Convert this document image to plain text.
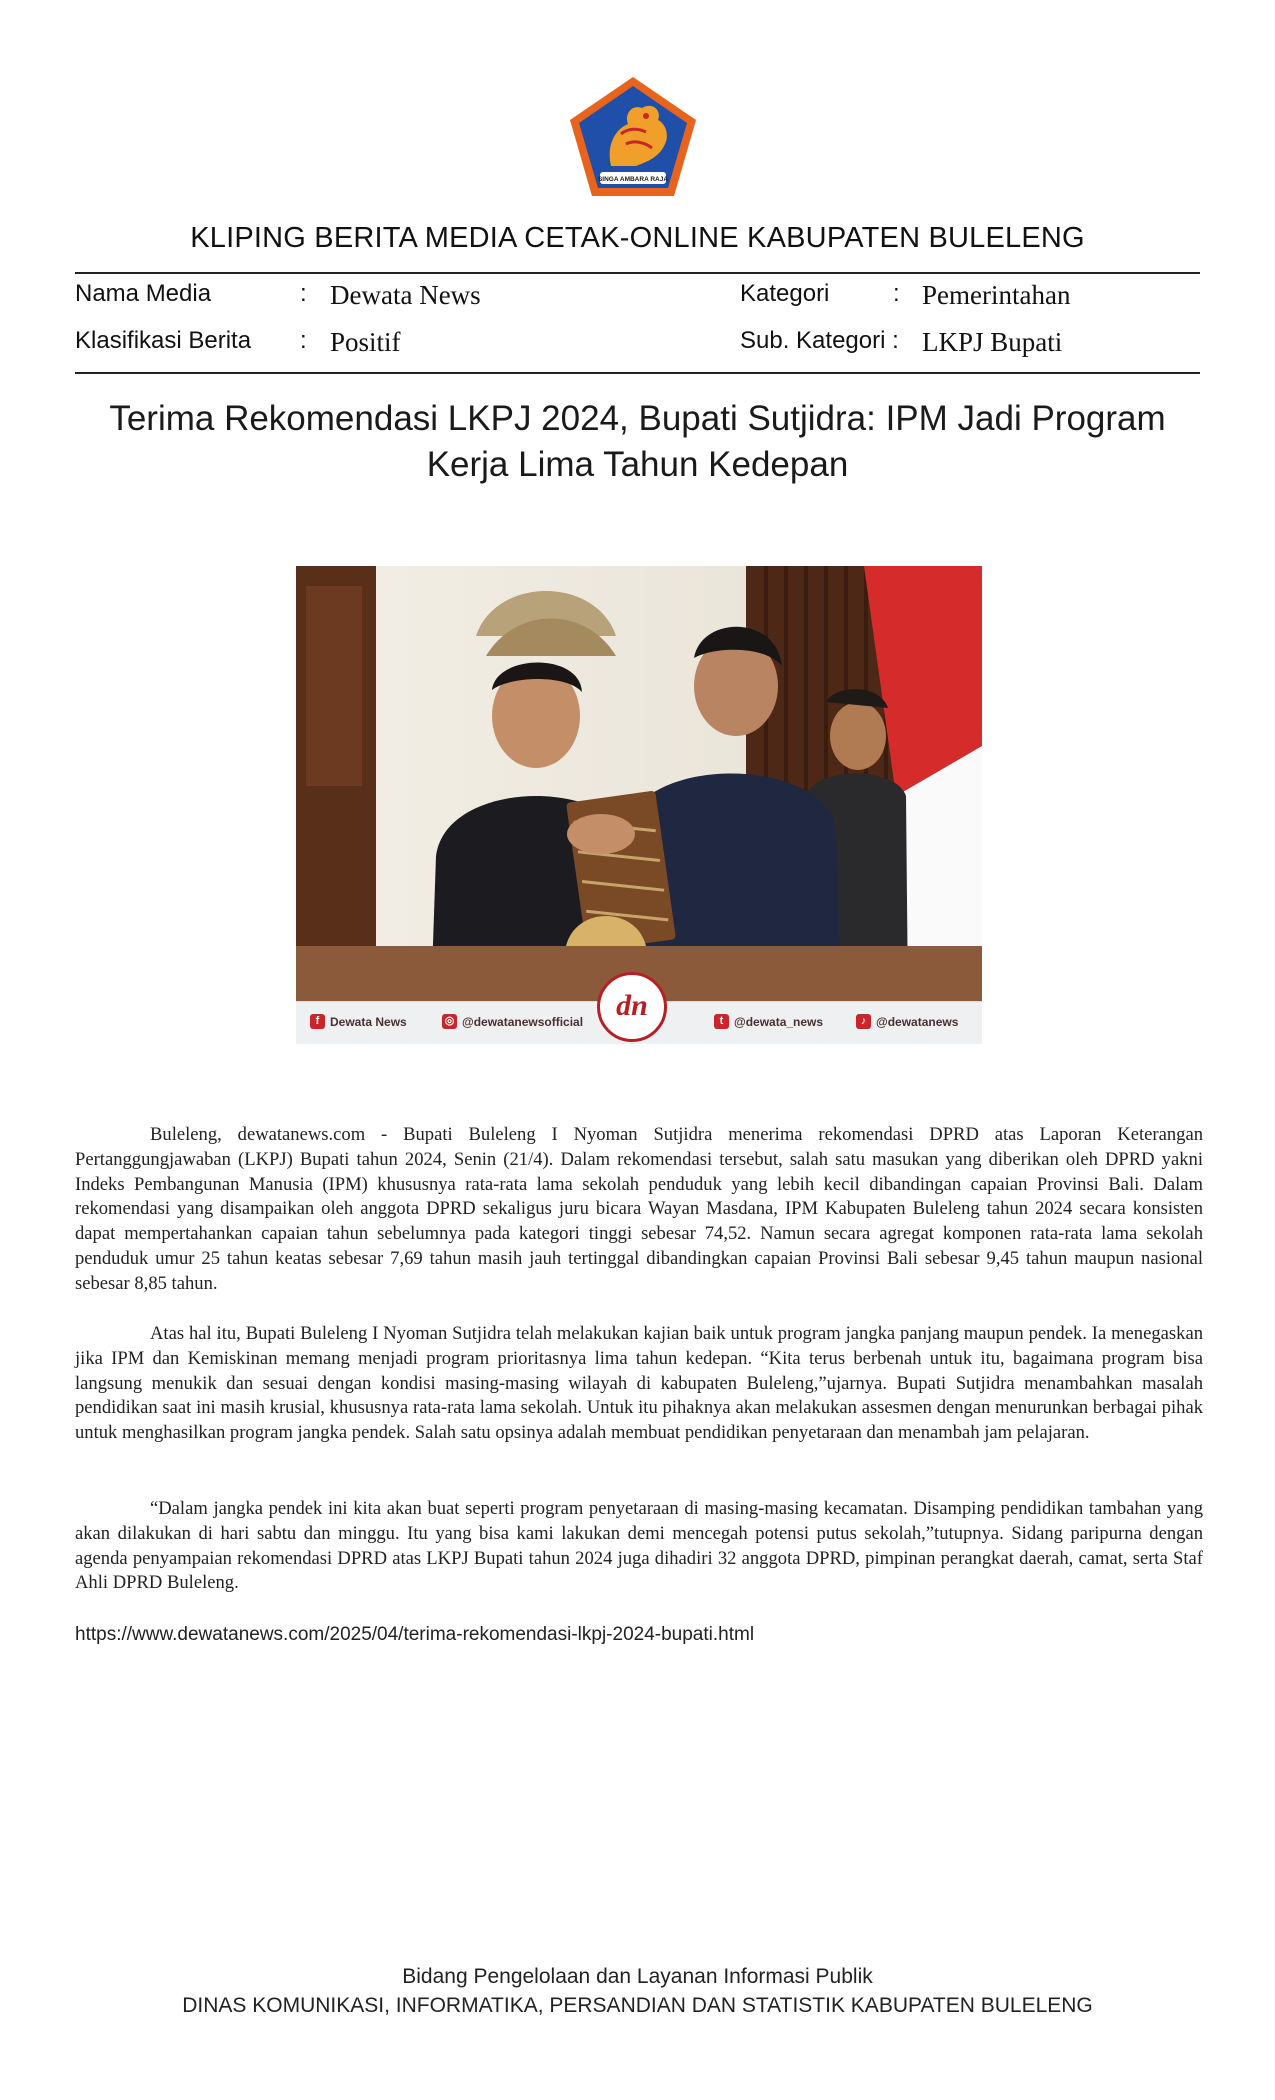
SINGA AMBARA RAJA
KLIPING BERITA MEDIA CETAK-ONLINE KABUPATEN BULELENG
Nama Media	: Dewata News	Kategori	: Pemerintahan
Klasifikasi Berita : Positif	Sub. Kategori : LKPJ Bupati
Terima Rekomendasi LKPJ 2024, Bupati Sutjidra: IPM Jadi Program Kerja Lima Tahun Kedepan
f Dewata News	◎ @dewatanewsofficial	t @dewata_news	♪ @dewatanews
dn

Buleleng, dewatanews.com - Bupati Buleleng I Nyoman Sutjidra menerima rekomendasi DPRD atas Laporan Keterangan Pertanggungjawaban (LKPJ) Bupati tahun 2024, Senin (21/4). Dalam rekomendasi tersebut, salah satu masukan yang diberikan oleh DPRD yakni Indeks Pembangunan Manusia (IPM) khususnya rata-rata lama sekolah penduduk yang lebih kecil dibandingan capaian Provinsi Bali. Dalam rekomendasi yang disampaikan oleh anggota DPRD sekaligus juru bicara Wayan Masdana, IPM Kabupaten Buleleng tahun 2024 secara konsisten dapat mempertahankan capaian tahun sebelumnya pada kategori tinggi sebesar 74,52. Namun secara agregat komponen rata-rata lama sekolah penduduk umur 25 tahun keatas sebesar 7,69 tahun masih jauh tertinggal dibandingkan capaian Provinsi Bali sebesar 9,45 tahun maupun nasional sebesar 8,85 tahun.

Atas hal itu, Bupati Buleleng I Nyoman Sutjidra telah melakukan kajian baik untuk program jangka panjang maupun pendek. Ia menegaskan jika IPM dan Kemiskinan memang menjadi program prioritasnya lima tahun kedepan. “Kita terus berbenah untuk itu, bagaimana program bisa langsung menukik dan sesuai dengan kondisi masing-masing wilayah di kabupaten Buleleng,”ujarnya. Bupati Sutjidra menambahkan masalah pendidikan saat ini masih krusial, khususnya rata-rata lama sekolah. Untuk itu pihaknya akan melakukan assesmen dengan menurunkan berbagai pihak untuk menghasilkan program jangka pendek. Salah satu opsinya adalah membuat pendidikan penyetaraan dan menambah jam pelajaran.

“Dalam jangka pendek ini kita akan buat seperti program penyetaraan di masing-masing kecamatan. Disamping pendidikan tambahan yang akan dilakukan di hari sabtu dan minggu. Itu yang bisa kami lakukan demi mencegah potensi putus sekolah,”tutupnya. Sidang paripurna dengan agenda penyampaian rekomendasi DPRD atas LKPJ Bupati tahun 2024 juga dihadiri 32 anggota DPRD, pimpinan perangkat daerah, camat, serta Staf Ahli DPRD Buleleng.

https://www.dewatanews.com/2025/04/terima-rekomendasi-lkpj-2024-bupati.html
Bidang Pengelolaan dan Layanan Informasi Publik
DINAS KOMUNIKASI, INFORMATIKA, PERSANDIAN DAN STATISTIK KABUPATEN BULELENG
